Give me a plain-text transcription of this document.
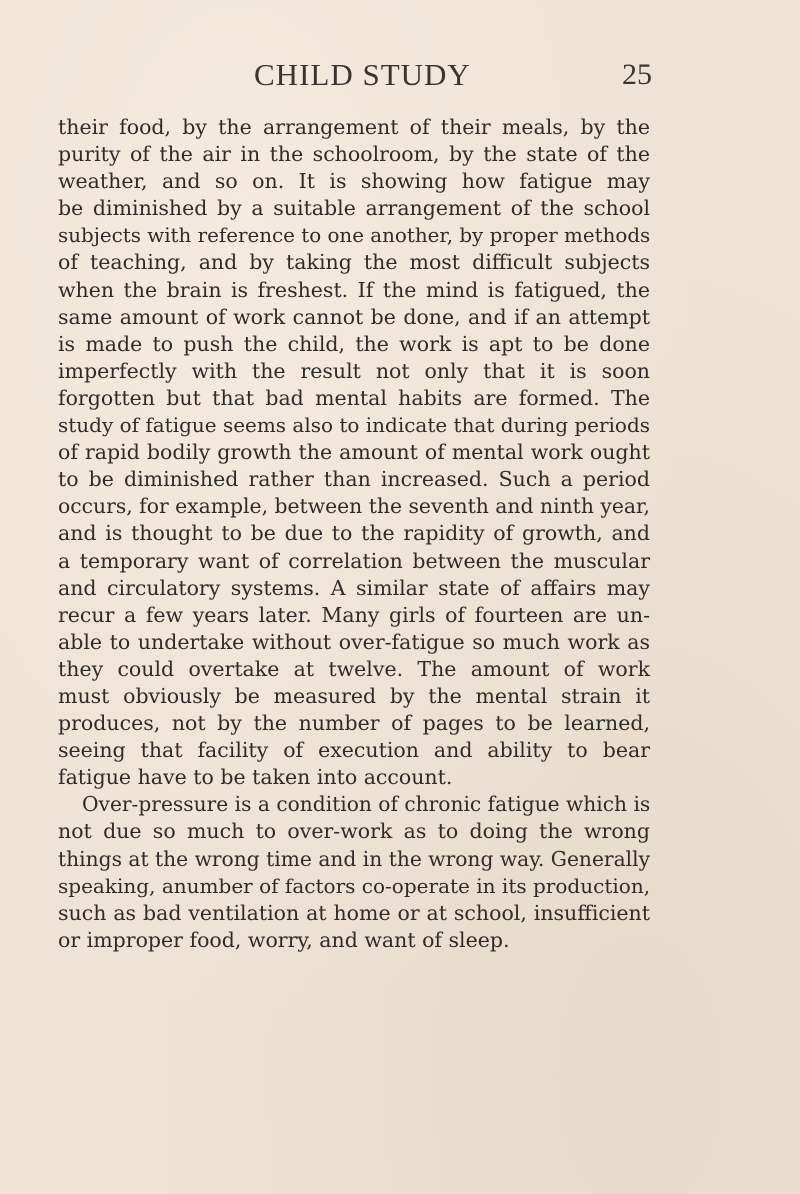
CHILD STUDY	25
their food, by the arrangement of their meals, by the
purity of the air in the schoolroom, by the state of the
weather, and so on. It is showing how fatigue may
be diminished by a suitable arrangement of the school
subjects with reference to one another, by proper methods
of teaching, and by taking the most difficult subjects
when the brain is freshest. If the mind is fatigued, the
same amount of work cannot be done, and if an attempt
is made to push the child, the work is apt to be done
imperfectly with the result not only that it is soon
forgotten but that bad mental habits are formed. The
study of fatigue seems also to indicate that during periods
of rapid bodily growth the amount of mental work ought
to be diminished rather than increased. Such a period
occurs, for example, between the seventh and ninth year,
and is thought to be due to the rapidity of growth, and
a temporary want of correlation between the muscular
and circulatory systems. A similar state of affairs may
recur a few years later. Many girls of fourteen are un-
able to undertake without over-fatigue so much work as
they could overtake at twelve. The amount of work
must obviously be measured by the mental strain it
produces, not by the number of pages to be learned,
seeing that facility of execution and ability to bear
fatigue have to be taken into account.
Over-pressure is a condition of chronic fatigue which is
not due so much to over-work as to doing the wrong
things at the wrong time and in the wrong way. Generally
speaking, anumber of factors co-operate in its production,
such as bad ventilation at home or at school, insufficient
or improper food, worry, and want of sleep.
